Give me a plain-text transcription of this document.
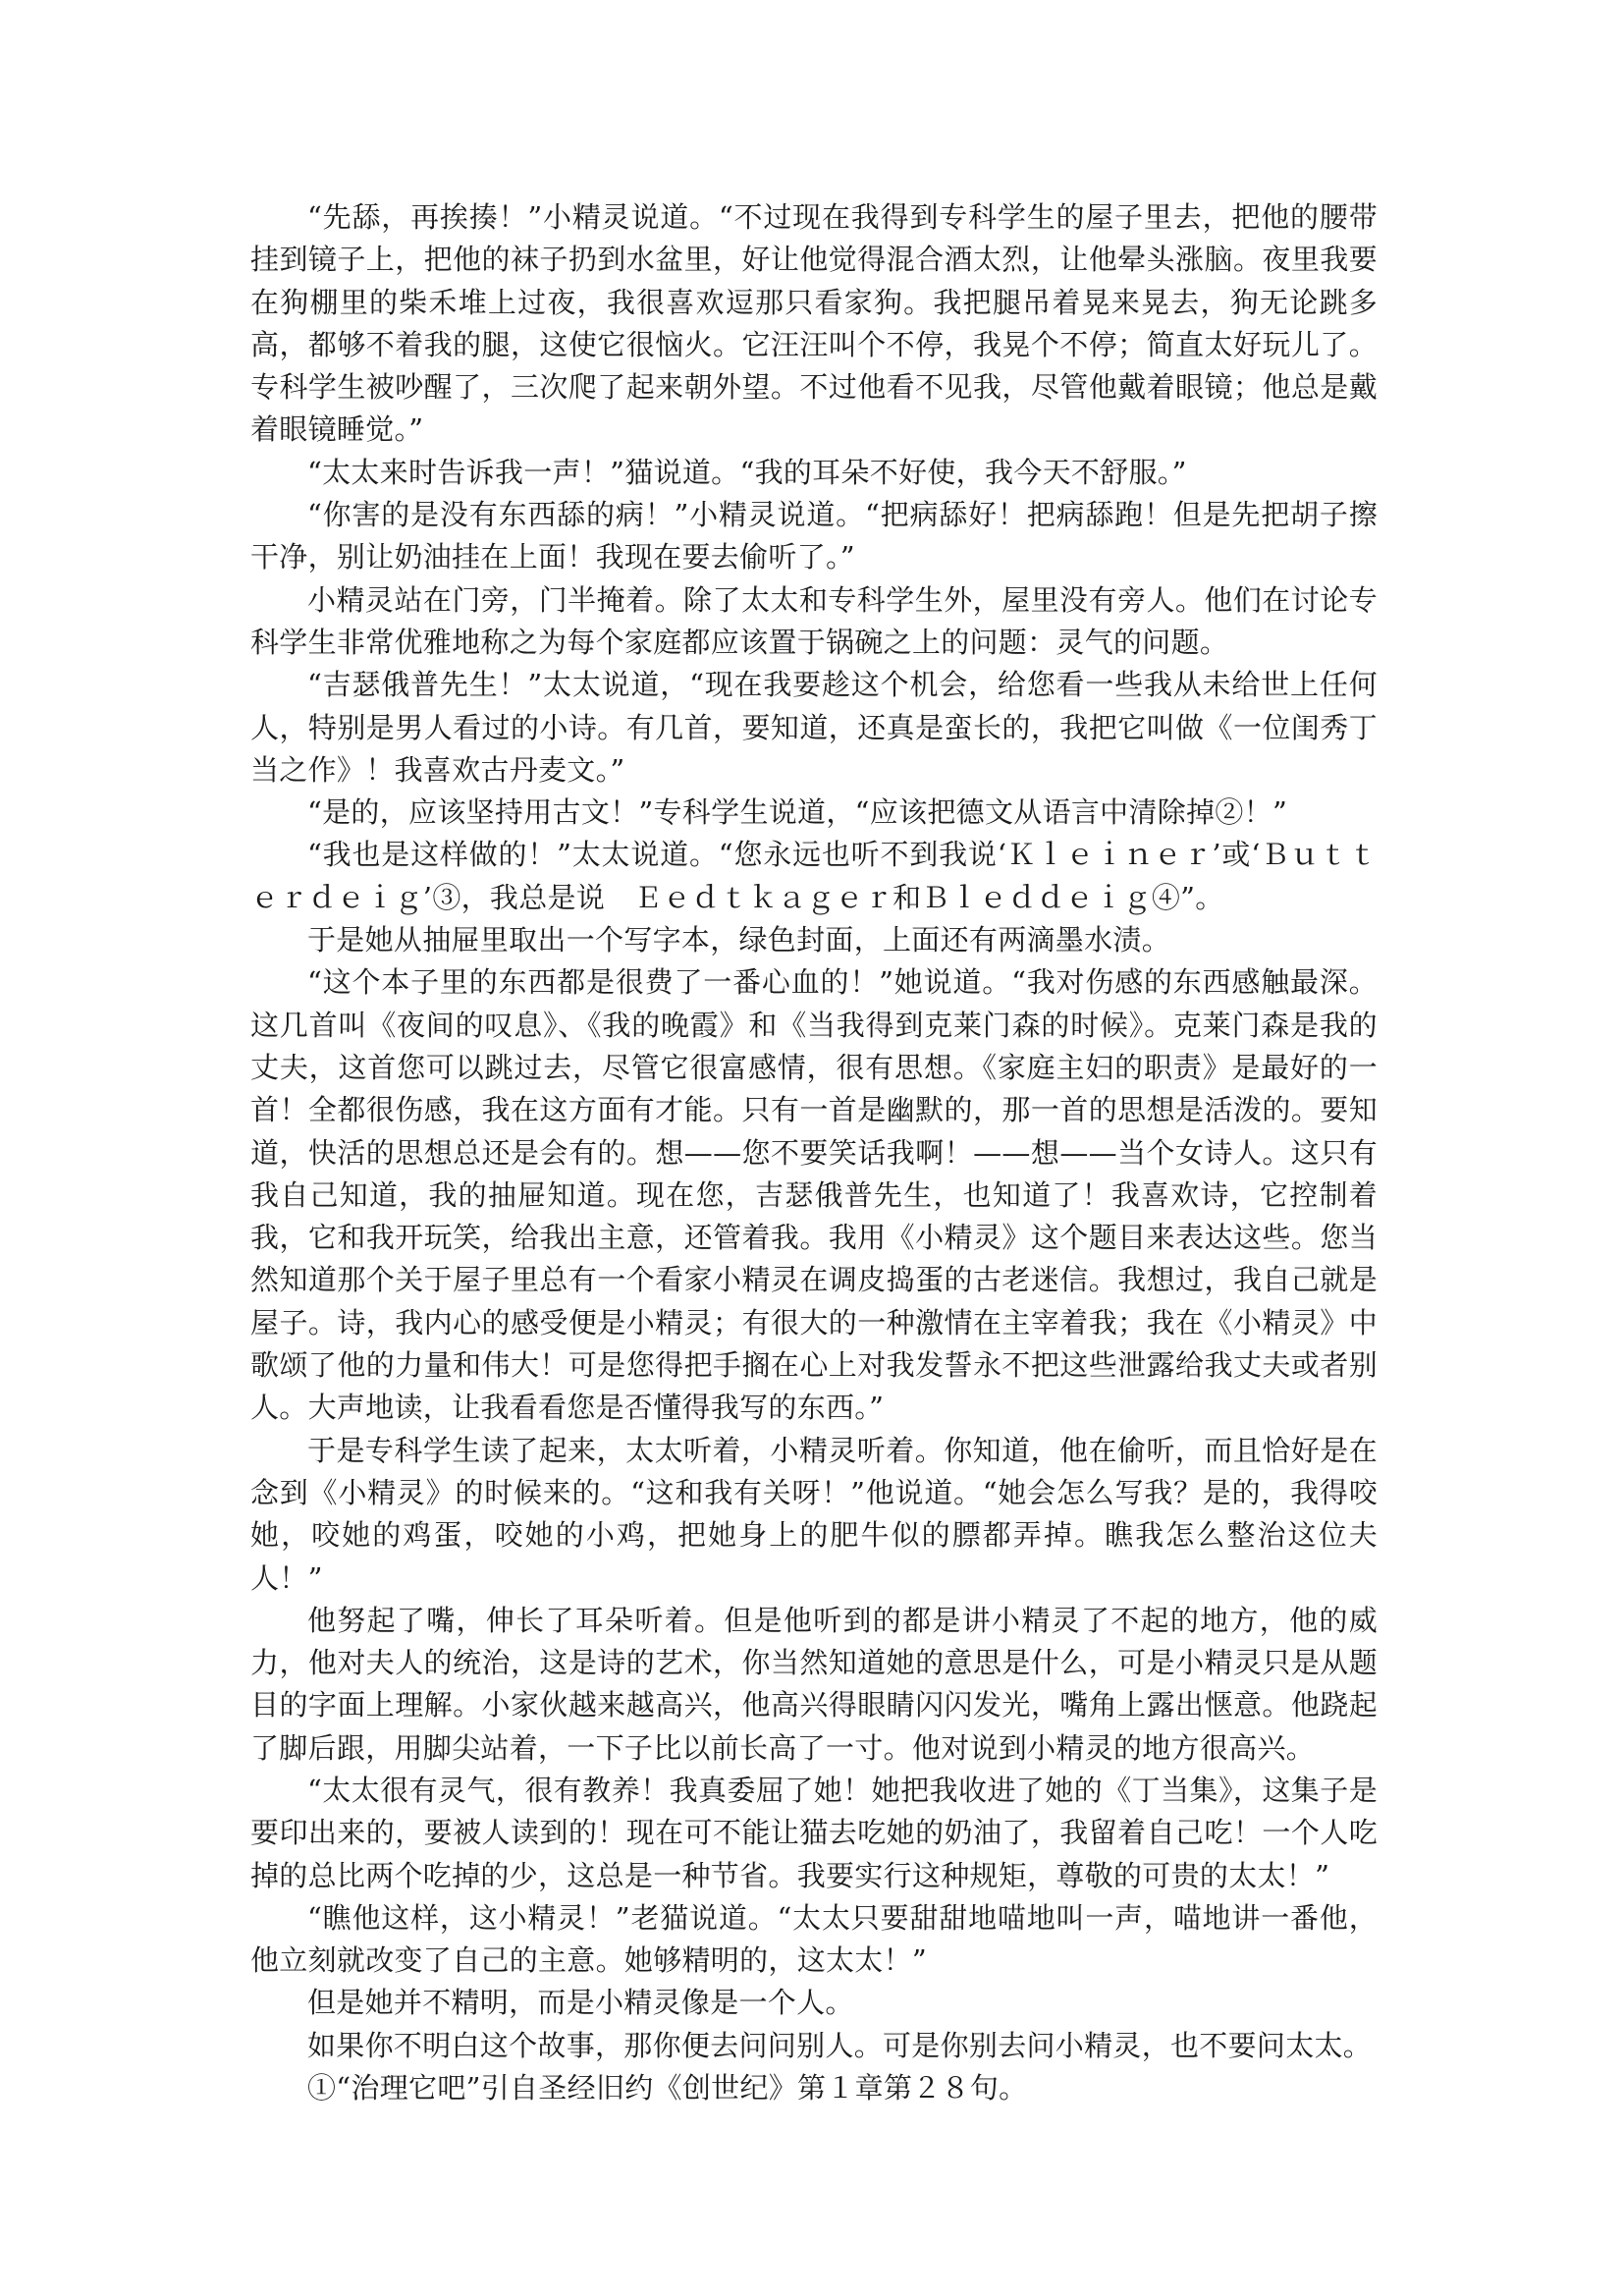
“先舔，再挨揍！”小精灵说道。“不过现在我得到专科学生的屋子里去，把他的腰带挂到镜子上，把他的袜子扔到水盆里，好让他觉得混合酒太烈，让他晕头涨脑。夜里我要在狗棚里的柴禾堆上过夜，我很喜欢逗那只看家狗。我把腿吊着晃来晃去，狗无论跳多高，都够不着我的腿，这使它很恼火。它汪汪叫个不停，我晃个不停；简直太好玩儿了。专科学生被吵醒了，三次爬了起来朝外望。不过他看不见我，尽管他戴着眼镜；他总是戴着眼镜睡觉。”

“太太来时告诉我一声！”猫说道。“我的耳朵不好使，我今天不舒服。”

“你害的是没有东西舔的病！”小精灵说道。“把病舔好！把病舔跑！但是先把胡子擦干净，别让奶油挂在上面！我现在要去偷听了。”

小精灵站在门旁，门半掩着。除了太太和专科学生外，屋里没有旁人。他们在讨论专科学生非常优雅地称之为每个家庭都应该置于锅碗之上的问题：灵气的问题。

“吉瑟俄普先生！”太太说道，“现在我要趁这个机会，给您看一些我从未给世上任何人，特别是男人看过的小诗。有几首，要知道，还真是蛮长的，我把它叫做《一位闺秀丁当之作》！我喜欢古丹麦文。”

“是的，应该坚持用古文！”专科学生说道，“应该把德文从语言中清除掉②！”

“我也是这样做的！”太太说道。“您永远也听不到我说‘Ｋｌｅｉｎｅｒ’或‘Ｂｕｔｔｅｒｄｅｉｇ’③，我总是说　Ｅｅｄｔｋａｇｅｒ和Ｂｌｅｄｄｅｉｇ④”。

于是她从抽屉里取出一个写字本，绿色封面，上面还有两滴墨水渍。

“这个本子里的东西都是很费了一番心血的！”她说道。“我对伤感的东西感触最深。这几首叫《夜间的叹息》、《我的晚霞》和《当我得到克莱门森的时候》。克莱门森是我的丈夫，这首您可以跳过去，尽管它很富感情，很有思想。《家庭主妇的职责》是最好的一首！全都很伤感，我在这方面有才能。只有一首是幽默的，那一首的思想是活泼的。要知道，快活的思想总还是会有的。想——您不要笑话我啊！——想——当个女诗人。这只有我自己知道，我的抽屉知道。现在您，吉瑟俄普先生，也知道了！我喜欢诗，它控制着我，它和我开玩笑，给我出主意，还管着我。我用《小精灵》这个题目来表达这些。您当然知道那个关于屋子里总有一个看家小精灵在调皮捣蛋的古老迷信。我想过，我自己就是屋子。诗，我内心的感受便是小精灵；有很大的一种激情在主宰着我；我在《小精灵》中歌颂了他的力量和伟大！可是您得把手搁在心上对我发誓永不把这些泄露给我丈夫或者别人。大声地读，让我看看您是否懂得我写的东西。”

于是专科学生读了起来，太太听着，小精灵听着。你知道，他在偷听，而且恰好是在念到《小精灵》的时候来的。“这和我有关呀！”他说道。“她会怎么写我？是的，我得咬她，咬她的鸡蛋，咬她的小鸡，把她身上的肥牛似的膘都弄掉。瞧我怎么整治这位夫人！”

他努起了嘴，伸长了耳朵听着。但是他听到的都是讲小精灵了不起的地方，他的威力，他对夫人的统治，这是诗的艺术，你当然知道她的意思是什么，可是小精灵只是从题目的字面上理解。小家伙越来越高兴，他高兴得眼睛闪闪发光，嘴角上露出惬意。他跷起了脚后跟，用脚尖站着，一下子比以前长高了一寸。他对说到小精灵的地方很高兴。

“太太很有灵气，很有教养！我真委屈了她！她把我收进了她的《丁当集》，这集子是要印出来的，要被人读到的！现在可不能让猫去吃她的奶油了，我留着自己吃！一个人吃掉的总比两个吃掉的少，这总是一种节省。我要实行这种规矩，尊敬的可贵的太太！”

“瞧他这样，这小精灵！”老猫说道。“太太只要甜甜地喵地叫一声，喵地讲一番他，他立刻就改变了自己的主意。她够精明的，这太太！”

但是她并不精明，而是小精灵像是一个人。

如果你不明白这个故事，那你便去问问别人。可是你别去问小精灵，也不要问太太。

①“治理它吧”引自圣经旧约《创世纪》第１章第２８句。
